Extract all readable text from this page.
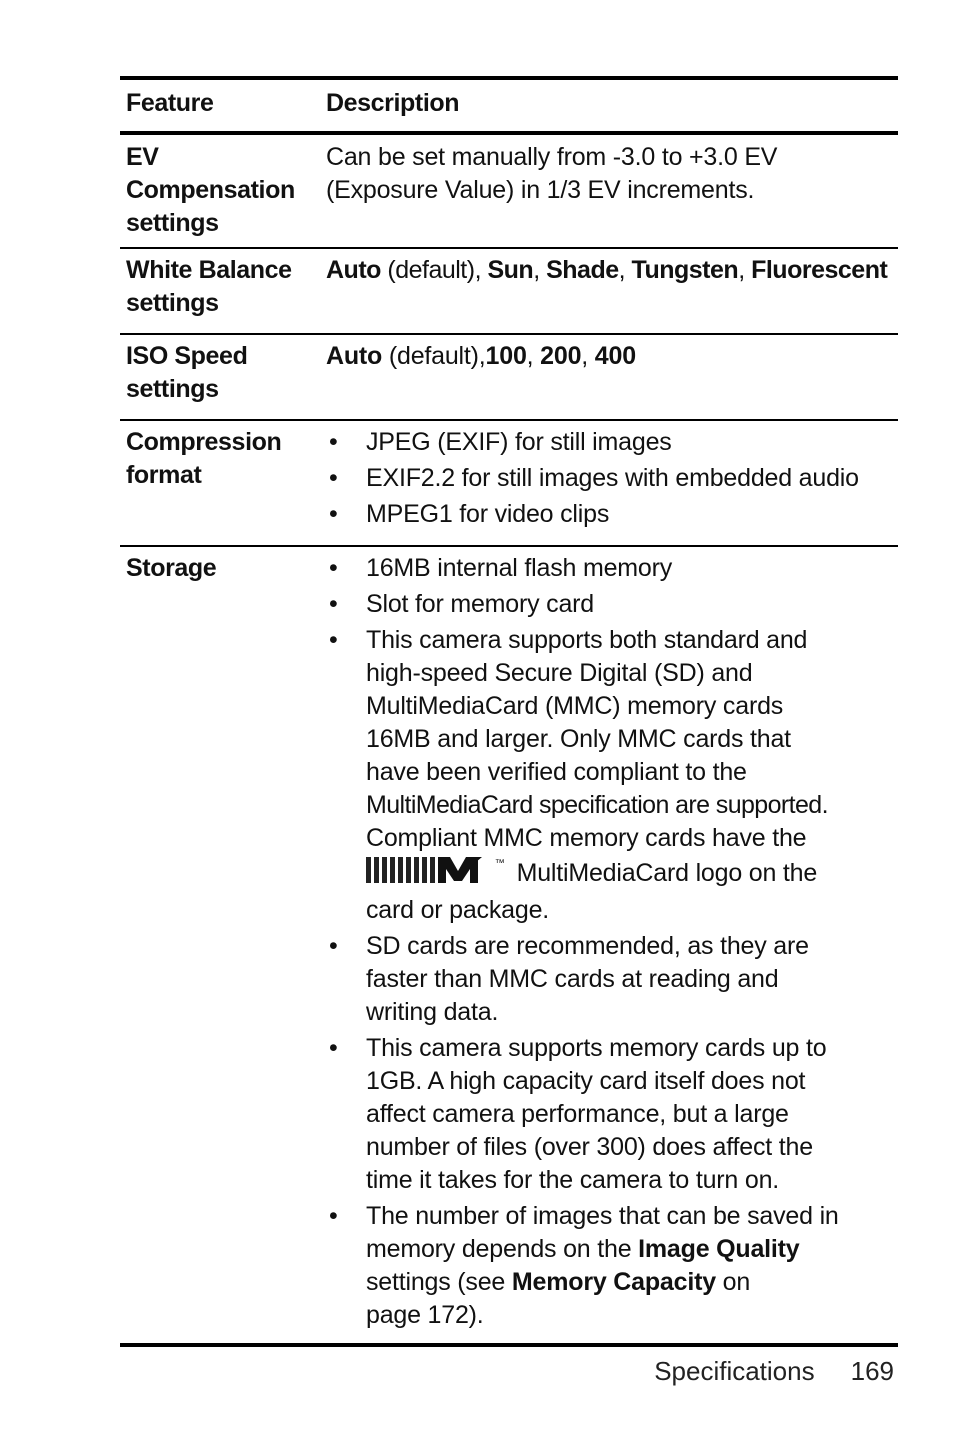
Feature	Description
EV
Compensation
settings
Can be set manually from -3.0 to +3.0 EV
(Exposure Value) in 1/3 EV increments.
White Balance
settings
Auto (default), Sun, Shade, Tungsten, Fluorescent
ISO Speed
settings
Auto (default),100, 200, 400
Compression
format
• JPEG (EXIF) for still images
• EXIF2.2 for still images with embedded audio
• MPEG1 for video clips
Storage
•	16MB internal flash memory
• Slot for memory card
• This camera supports both standard and
high-speed Secure Digital (SD) and
MultiMediaCard (MMC) memory cards
16MB and larger. Only MMC cards that
have been verified compliant to the
MultiMediaCard specification are supported.
Compliant MMC memory cards have the
™ MultiMediaCard logo on the
card or package.
• SD cards are recommended, as they are
faster than MMC cards at reading and
writing data.
• This camera supports memory cards up to
1GB. A high capacity card itself does not
affect camera performance, but a large
number of files (over 300) does affect the
time it takes for the camera to turn on.
• The number of images that can be saved in
memory depends on the Image Quality
settings (see Memory Capacity on
page 172).
Specifications 169
